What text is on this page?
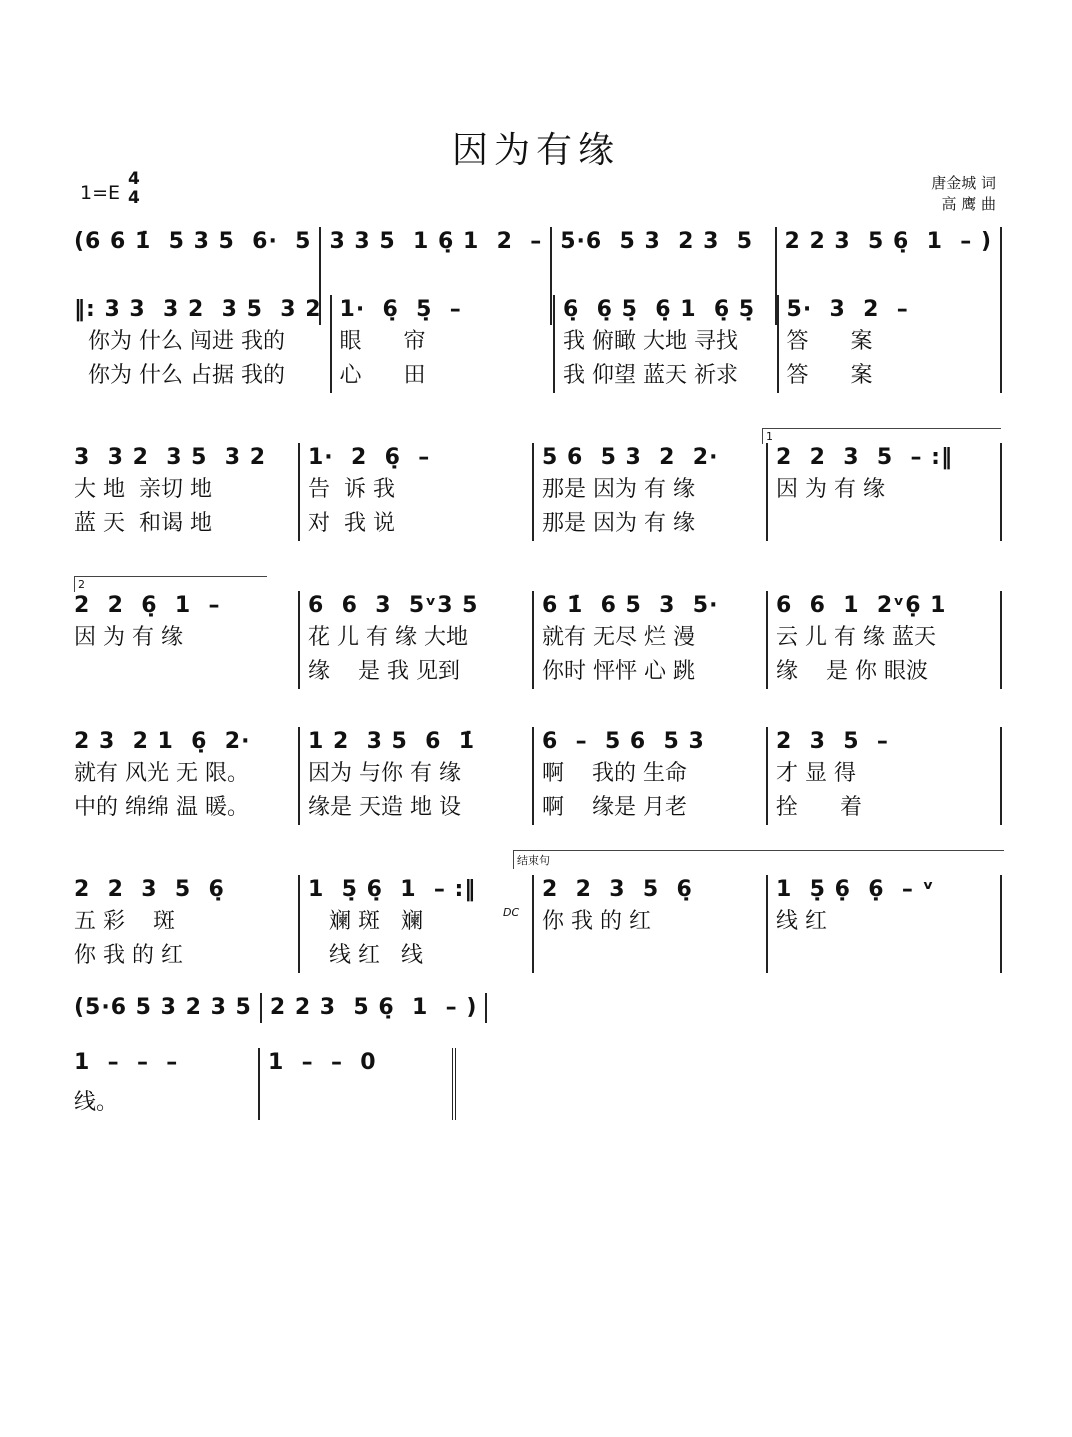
因为有缘
1=E
4
4
唐金城 词
高 鹰 曲
1
2
结束句
DC
(6 6 1̇  5 3 5  6·  5 3 3 5  1 6̣ 1  2  – 5·6  5 3  2 3  5	2 2 3  5 6̣  1  – )
‖: 3 3  3 2  3 5  3 2
你为 什么 闯进 我的
你为 什么 占据 我的
1·  6̣  5̣  –
眼      帘
心      田
6̣  6̣ 5̣  6̣ 1  6̣ 5̣
我 俯瞰 大地 寻找
我 仰望 蓝天 祈求
5·  3  2  –
答      案
答      案
3  3 2  3 5  3 2
大 地  亲切 地
蓝 天  和谒 地
1·  2  6̣  –
告  诉 我
对  我 说
5 6  5 3  2  2·
那是 因为 有 缘
那是 因为 有 缘
2  2  3  5  – :‖
因 为 有 缘
2  2  6̣  1  –
因 为 有 缘
6  6  3  5ᵛ3 5
花 儿 有 缘 大地
缘    是 我 见到
6 1̇  6 5  3  5·
就有 无尽 烂 漫
你时 怦怦 心 跳
6  6  1  2ᵛ6̣ 1
云 儿 有 缘 蓝天
缘    是 你 眼波
2 3  2 1  6̣  2·
就有 风光 无 限。
中的 绵绵 温 暖。
1 2  3 5  6  1̇
因为 与你 有 缘
缘是 天造 地 设
6  –  5 6  5 3
啊    我的 生命
啊    缘是 月老
2  3  5  –
才 显 得
拴      着
2  2  3  5  6̣
五 彩    斑
你 我 的 红
1  5̣ 6̣  1  – :‖
斓 斑   斓
线 红   线
2  2  3  5  6̣
你 我 的 红
1  5̣ 6̣  6̣  – ᵛ
线 红
(5·6 5 3 2 3 5 2 2 3  5 6̣  1  – )
1  –  –  –
线。
1  –  –  0
